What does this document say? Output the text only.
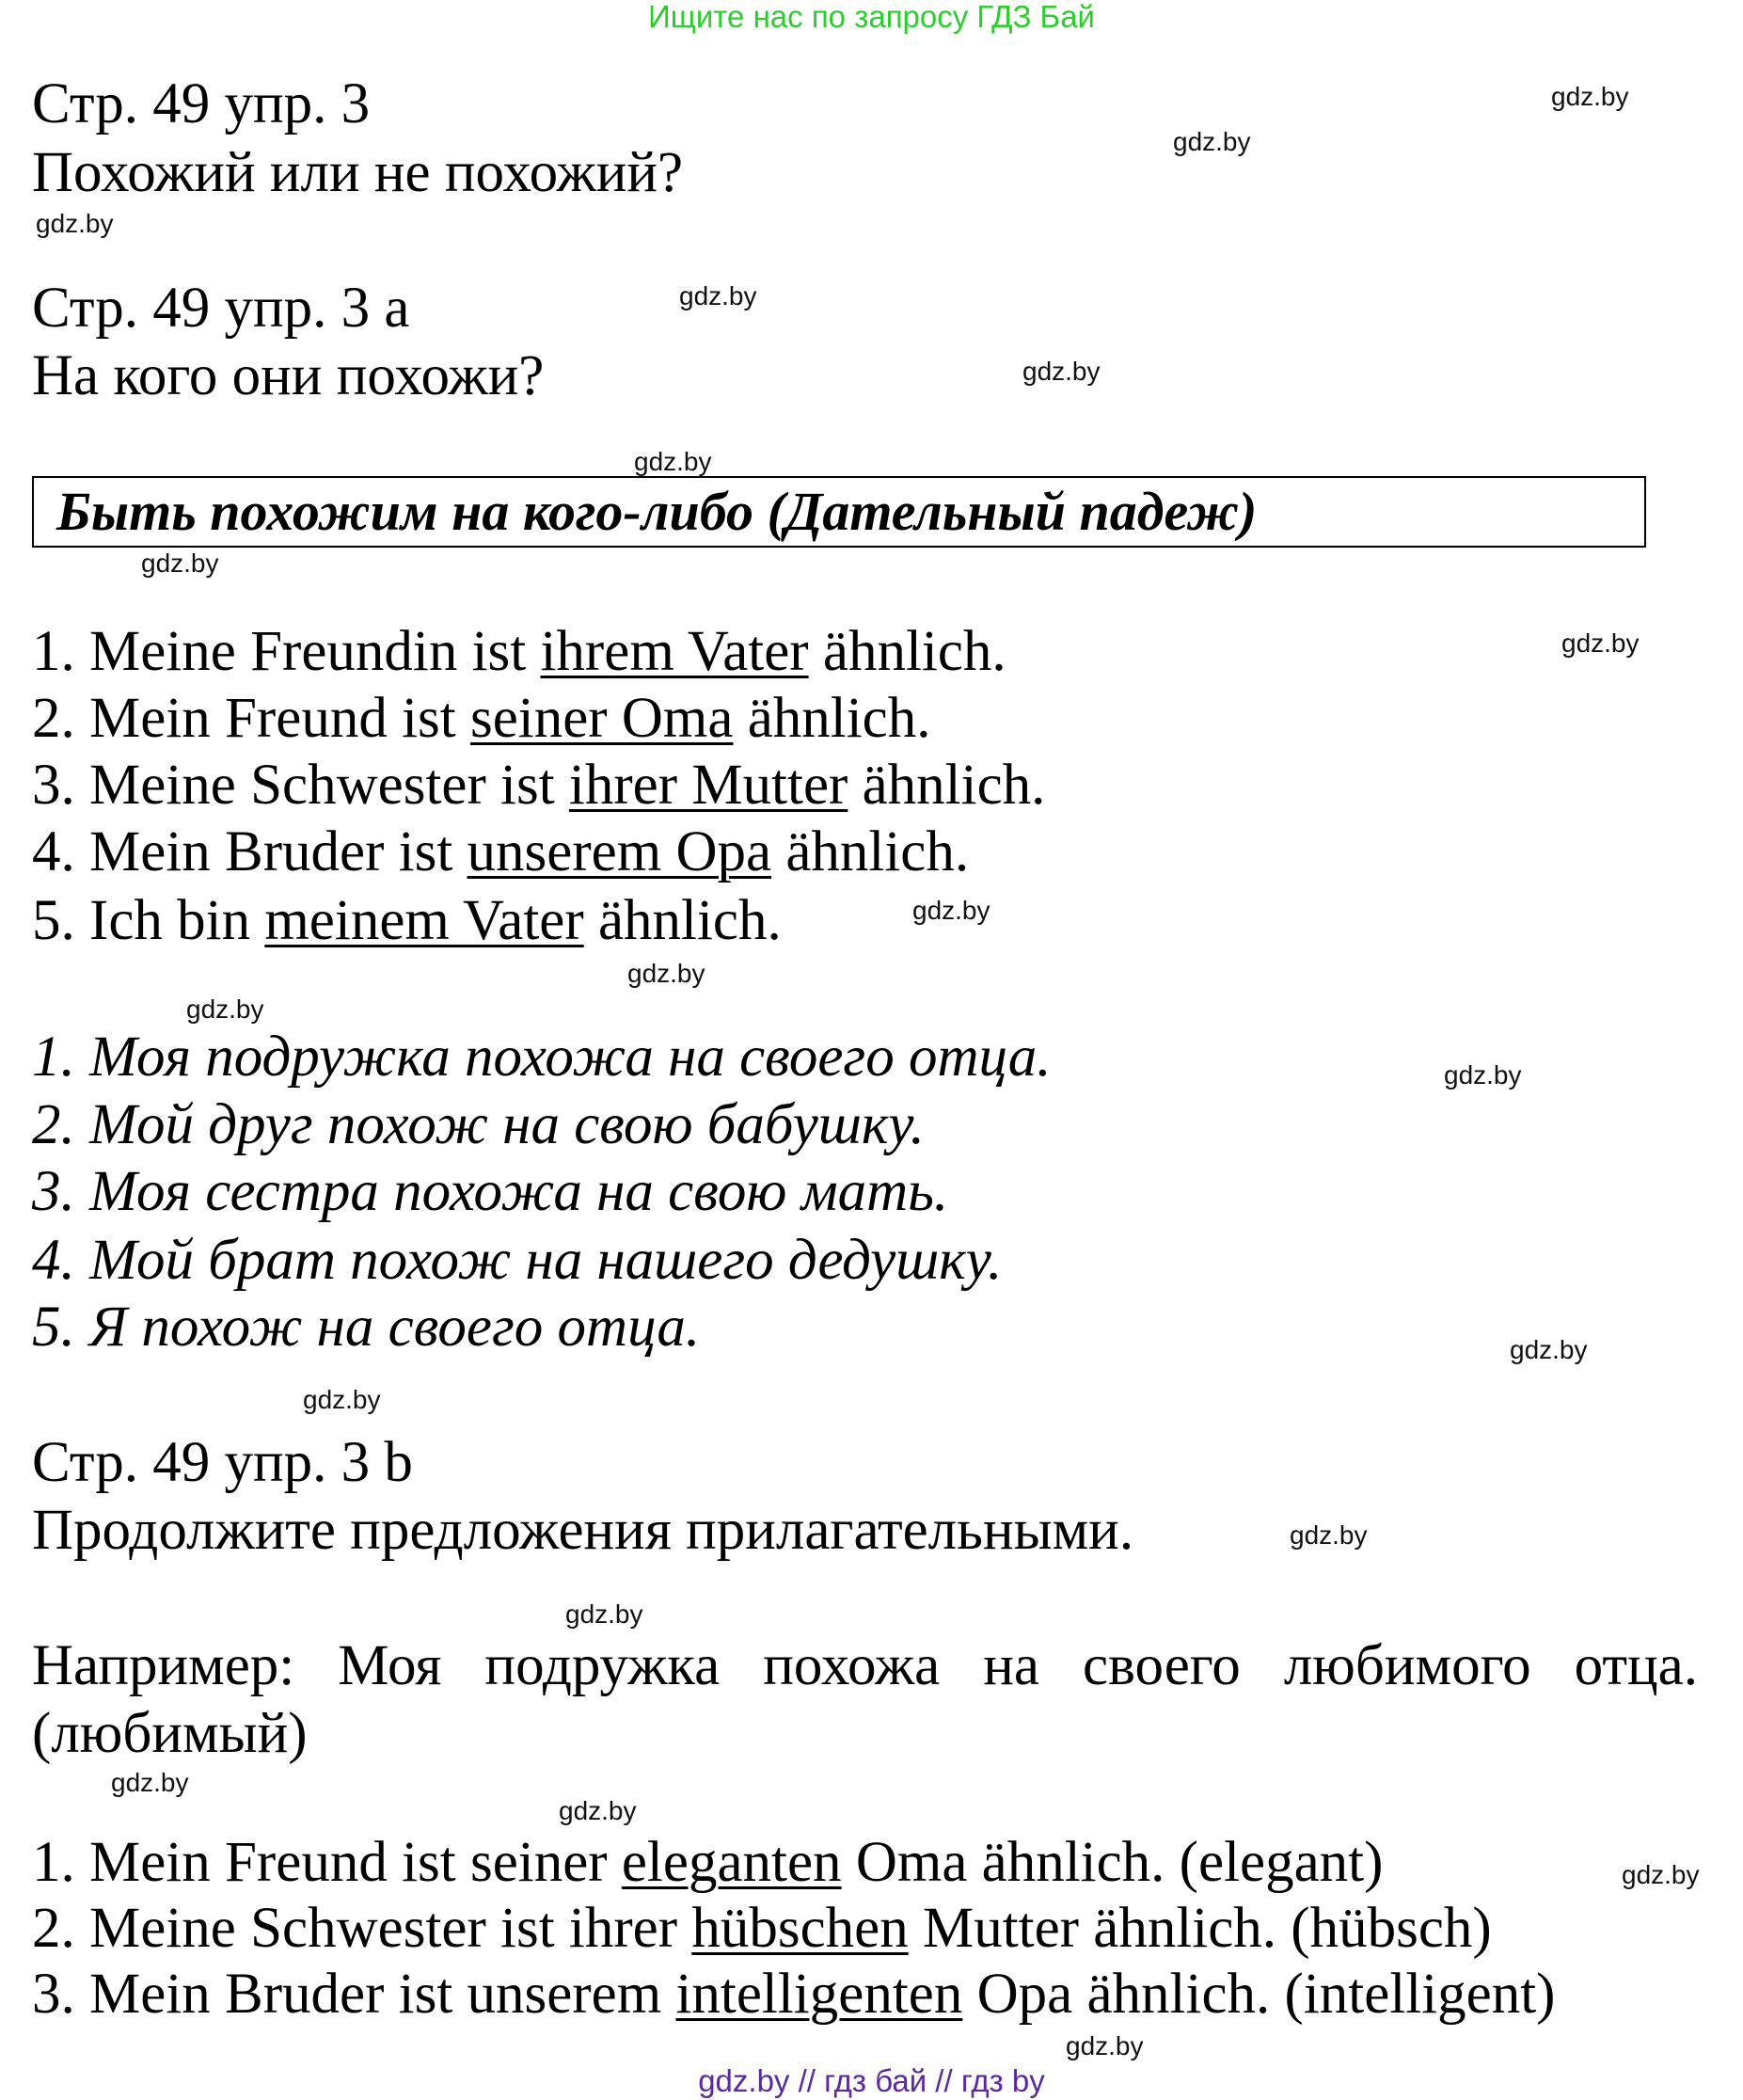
Ищите нас по запросу ГДЗ Бай
Стр. 49 упр. 3
Похожий или не похожий?
Стр. 49 упр. 3 а
На кого они похожи?
Быть похожим на кого-либо (Дательный падеж)
1. Meine Freundin ist ihrem Vater ähnlich.
2. Mein Freund ist seiner Oma ähnlich.
3. Meine Schwester ist ihrer Mutter ähnlich.
4. Mein Bruder ist unserem Opa ähnlich.
5. Ich bin meinem Vater ähnlich.
1. Моя подружка похожа на своего отца.
2. Мой друг похож на свою бабушку.
3. Моя сестра похожа на свою мать.
4. Мой брат похож на нашего дедушку.
5. Я похож на своего отца.
Стр. 49 упр. 3 b
Продолжите предложения прилагательными.
Например: Моя подружка похожа на своего любимого отца. (любимый)
1. Mein Freund ist seiner eleganten Oma ähnlich. (elegant)
2. Meine Schwester ist ihrer hübschen Mutter ähnlich. (hübsch)
3. Mein Bruder ist unserem intelligenten Opa ähnlich. (intelligent)
gdz.by
gdz.by
gdz.by
gdz.by
gdz.by
gdz.by
gdz.by
gdz.by
gdz.by
gdz.by
gdz.by
gdz.by
gdz.by
gdz.by
gdz.by
gdz.by
gdz.by
gdz.by
gdz.by
gdz.by
gdz.by // гдз бай // гдз by
